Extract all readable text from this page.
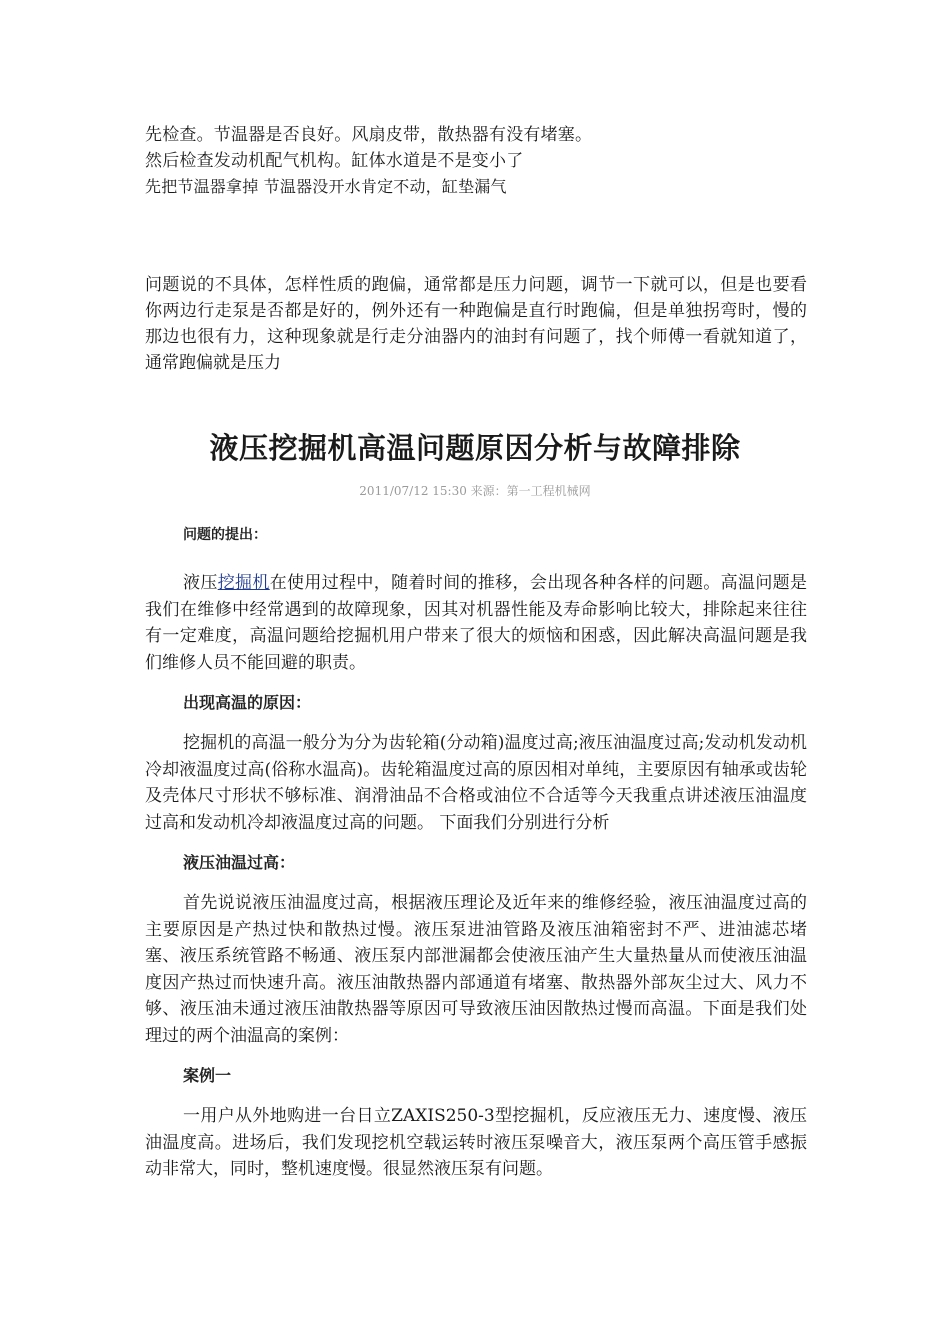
先检查。节温器是否良好。风扇皮带，散热器有没有堵塞。
然后检查发动机配气机构。缸体水道是不是变小了
先把节温器拿掉 节温器没开水肯定不动，缸垫漏气

问题说的不具体，怎样性质的跑偏，通常都是压力问题，调节一下就可以，但是也要看你两边行走泵是否都是好的，例外还有一种跑偏是直行时跑偏，但是单独拐弯时，慢的那边也很有力，这种现象就是行走分油器内的油封有问题了，找个师傅一看就知道了，通常跑偏就是压力

液压挖掘机高温问题原因分析与故障排除
2011/07/12 15:30 来源：第一工程机械网

问题的提出：

液压挖掘机在使用过程中，随着时间的推移，会出现各种各样的问题。高温问题是我们在维修中经常遇到的故障现象，因其对机器性能及寿命影响比较大，排除起来往往有一定难度，高温问题给挖掘机用户带来了很大的烦恼和困惑，因此解决高温问题是我们维修人员不能回避的职责。

出现高温的原因：

挖掘机的高温一般分为分为齿轮箱(分动箱)温度过高;液压油温度过高;发动机发动机冷却液温度过高(俗称水温高)。齿轮箱温度过高的原因相对单纯，主要原因有轴承或齿轮及壳体尺寸形状不够标准、润滑油品不合格或油位不合适等今天我重点讲述液压油温度过高和发动机冷却液温度过高的问题。 下面我们分别进行分析

液压油温过高：

首先说说液压油温度过高，根据液压理论及近年来的维修经验，液压油温度过高的主要原因是产热过快和散热过慢。液压泵进油管路及液压油箱密封不严、进油滤芯堵塞、液压系统管路不畅通、液压泵内部泄漏都会使液压油产生大量热量从而使液压油温度因产热过而快速升高。液压油散热器内部通道有堵塞、散热器外部灰尘过大、风力不够、液压油未通过液压油散热器等原因可导致液压油因散热过慢而高温。下面是我们处理过的两个油温高的案例：

案例一

一用户从外地购进一台日立ZAXIS250-3型挖掘机，反应液压无力、速度慢、液压油温度高。进场后，我们发现挖机空载运转时液压泵噪音大，液压泵两个高压管手感振动非常大，同时，整机速度慢。很显然液压泵有问题。
